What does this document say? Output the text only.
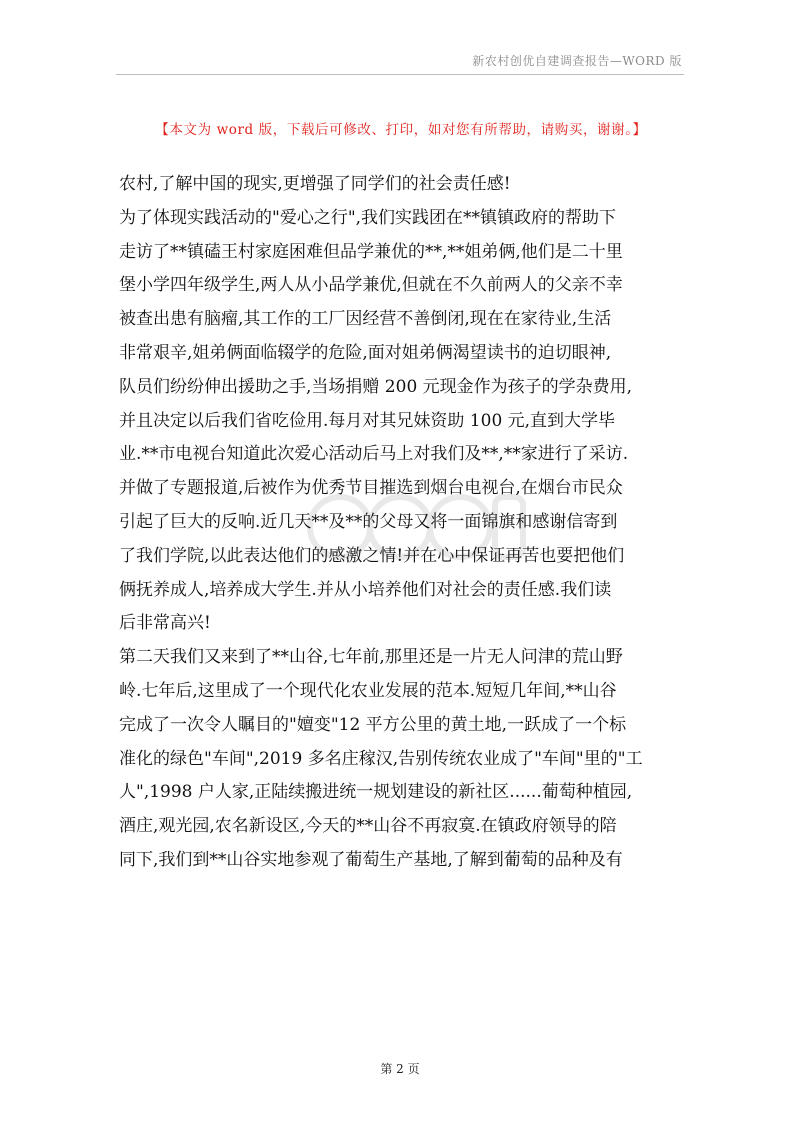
新农村创优自建调查报告—WORD 版
【本文为 word 版，下载后可修改、打印，如对您有所帮助，请购买，谢谢。】
农村,了解中国的现实,更增强了同学们的社会责任感!
为了体现实践活动的"爱心之行",我们实践团在**镇镇政府的帮助下
走访了**镇磕王村家庭困难但品学兼优的**,**姐弟俩,他们是二十里
堡小学四年级学生,两人从小品学兼优,但就在不久前两人的父亲不幸
被查出患有脑瘤,其工作的工厂因经营不善倒闭,现在在家待业,生活
非常艰辛,姐弟俩面临辍学的危险,面对姐弟俩渴望读书的迫切眼神,
队员们纷纷伸出援助之手,当场捐赠 200 元现金作为孩子的学杂费用,
并且决定以后我们省吃俭用.每月对其兄妹资助 100 元,直到大学毕
业.**市电视台知道此次爱心活动后马上对我们及**,**家进行了采访.
并做了专题报道,后被作为优秀节目摧选到烟台电视台,在烟台市民众
引起了巨大的反响.近几天**及**的父母又将一面锦旗和感谢信寄到
了我们学院,以此表达他们的感激之情!并在心中保证再苦也要把他们
俩抚养成人,培养成大学生.并从小培养他们对社会的责任感.我们读
后非常高兴!
第二天我们又来到了**山谷,七年前,那里还是一片无人问津的荒山野
岭.七年后,这里成了一个现代化农业发展的范本.短短几年间,**山谷
完成了一次令人瞩目的"嬗变"12 平方公里的黄土地,一跃成了一个标
准化的绿色"车间",2019 多名庄稼汉,告别传统农业成了"车间"里的"工
人",1998 户人家,正陆续搬进统一规划建设的新社区......葡萄种植园,
酒庄,观光园,农名新设区,今天的**山谷不再寂寞.在镇政府领导的陪
同下,我们到**山谷实地参观了葡萄生产基地,了解到葡萄的品种及有
第 2 页
